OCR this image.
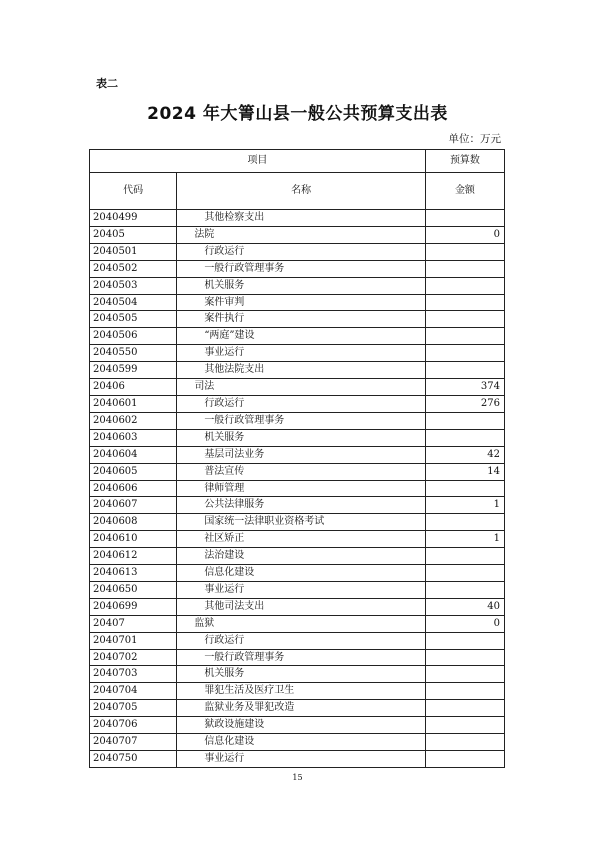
表二
2024 年大箐山县一般公共预算支出表
单位：万元
项目		预算数
代码	名称	金额
2040499	其他检察支出	
20405	法院	0
2040501	行政运行	
2040502	一般行政管理事务	
2040503	机关服务	
2040504	案件审判	
2040505	案件执行	
2040506	“两庭”建设	
2040550	事业运行	
2040599	其他法院支出	
20406	司法	374
2040601	行政运行	276
2040602	一般行政管理事务	
2040603	机关服务	
2040604	基层司法业务	42
2040605	普法宣传	14
2040606	律师管理	
2040607	公共法律服务	1
2040608	国家统一法律职业资格考试	
2040610	社区矫正	1
2040612	法治建设	
2040613	信息化建设	
2040650	事业运行	
2040699	其他司法支出	40
20407	监狱	0
2040701	行政运行	
2040702	一般行政管理事务	
2040703	机关服务	
2040704	罪犯生活及医疗卫生	
2040705	监狱业务及罪犯改造	
2040706	狱政设施建设	
2040707	信息化建设	
2040750	事业运行	
15
